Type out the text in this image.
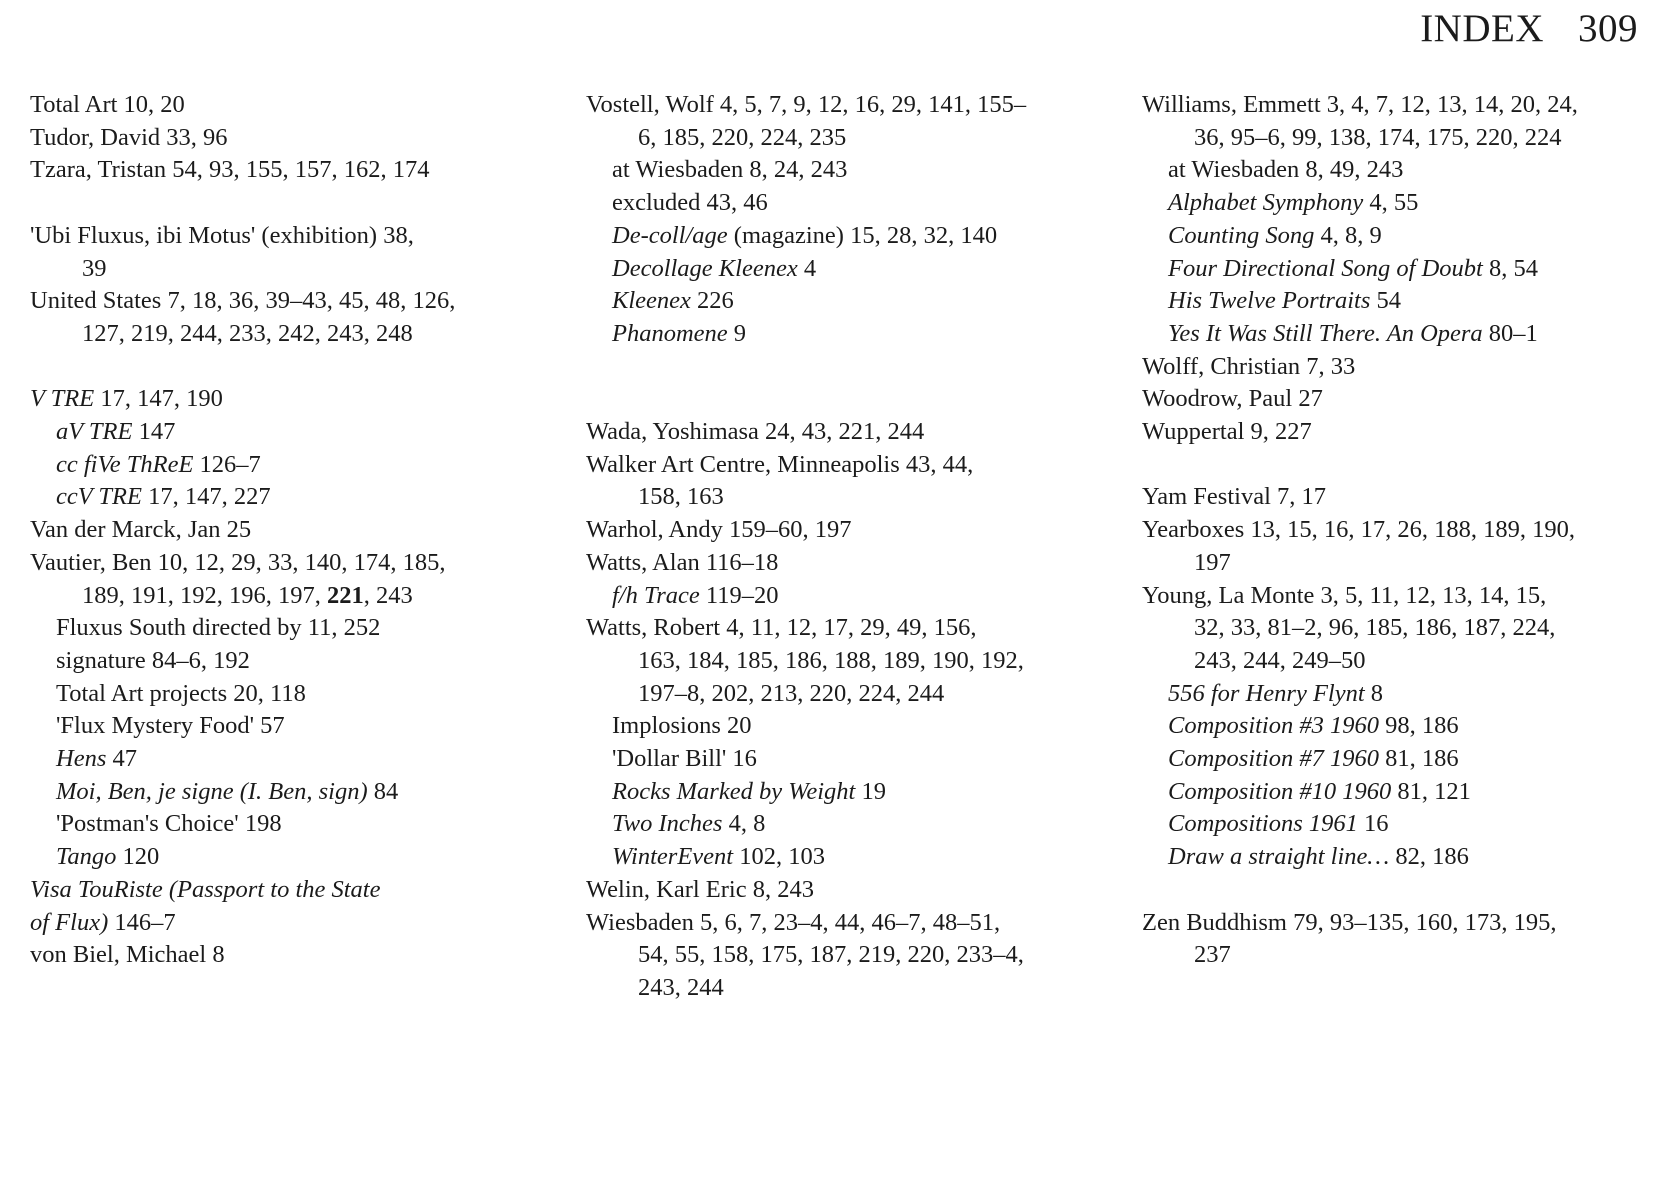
INDEX 309
Total Art 10, 20
Tudor, David 33, 96
Tzara, Tristan 54, 93, 155, 157, 162, 174
'Ubi Fluxus, ibi Motus' (exhibition) 38,
39
United States 7, 18, 36, 39–43, 45, 48, 126,
127, 219, 244, 233, 242, 243, 248
V TRE 17, 147, 190
aV TRE 147
cc fiVe ThReE 126–7
ccV TRE 17, 147, 227
Van der Marck, Jan 25
Vautier, Ben 10, 12, 29, 33, 140, 174, 185,
189, 191, 192, 196, 197, 221, 243
Fluxus South directed by 11, 252
signature 84–6, 192
Total Art projects 20, 118
'Flux Mystery Food' 57
Hens 47
Moi, Ben, je signe (I. Ben, sign) 84
'Postman's Choice' 198
Tango 120
Visa TouRiste (Passport to the State
of Flux) 146–7
von Biel, Michael 8
Vostell, Wolf 4, 5, 7, 9, 12, 16, 29, 141, 155–
6, 185, 220, 224, 235
at Wiesbaden 8, 24, 243
excluded 43, 46
De-coll/age (magazine) 15, 28, 32, 140
Decollage Kleenex 4
Kleenex 226
Phanomene 9
Wada, Yoshimasa 24, 43, 221, 244
Walker Art Centre, Minneapolis 43, 44,
158, 163
Warhol, Andy 159–60, 197
Watts, Alan 116–18
f/h Trace 119–20
Watts, Robert 4, 11, 12, 17, 29, 49, 156,
163, 184, 185, 186, 188, 189, 190, 192,
197–8, 202, 213, 220, 224, 244
Implosions 20
'Dollar Bill' 16
Rocks Marked by Weight 19
Two Inches 4, 8
WinterEvent 102, 103
Welin, Karl Eric 8, 243
Wiesbaden 5, 6, 7, 23–4, 44, 46–7, 48–51,
54, 55, 158, 175, 187, 219, 220, 233–4,
243, 244
Williams, Emmett 3, 4, 7, 12, 13, 14, 20, 24,
36, 95–6, 99, 138, 174, 175, 220, 224
at Wiesbaden 8, 49, 243
Alphabet Symphony 4, 55
Counting Song 4, 8, 9
Four Directional Song of Doubt 8, 54
His Twelve Portraits 54
Yes It Was Still There. An Opera 80–1
Wolff, Christian 7, 33
Woodrow, Paul 27
Wuppertal 9, 227
Yam Festival 7, 17
Yearboxes 13, 15, 16, 17, 26, 188, 189, 190,
197
Young, La Monte 3, 5, 11, 12, 13, 14, 15,
32, 33, 81–2, 96, 185, 186, 187, 224,
243, 244, 249–50
556 for Henry Flynt 8
Composition #3 1960 98, 186
Composition #7 1960 81, 186
Composition #10 1960 81, 121
Compositions 1961 16
Draw a straight line… 82, 186
Zen Buddhism 79, 93–135, 160, 173, 195,
237
